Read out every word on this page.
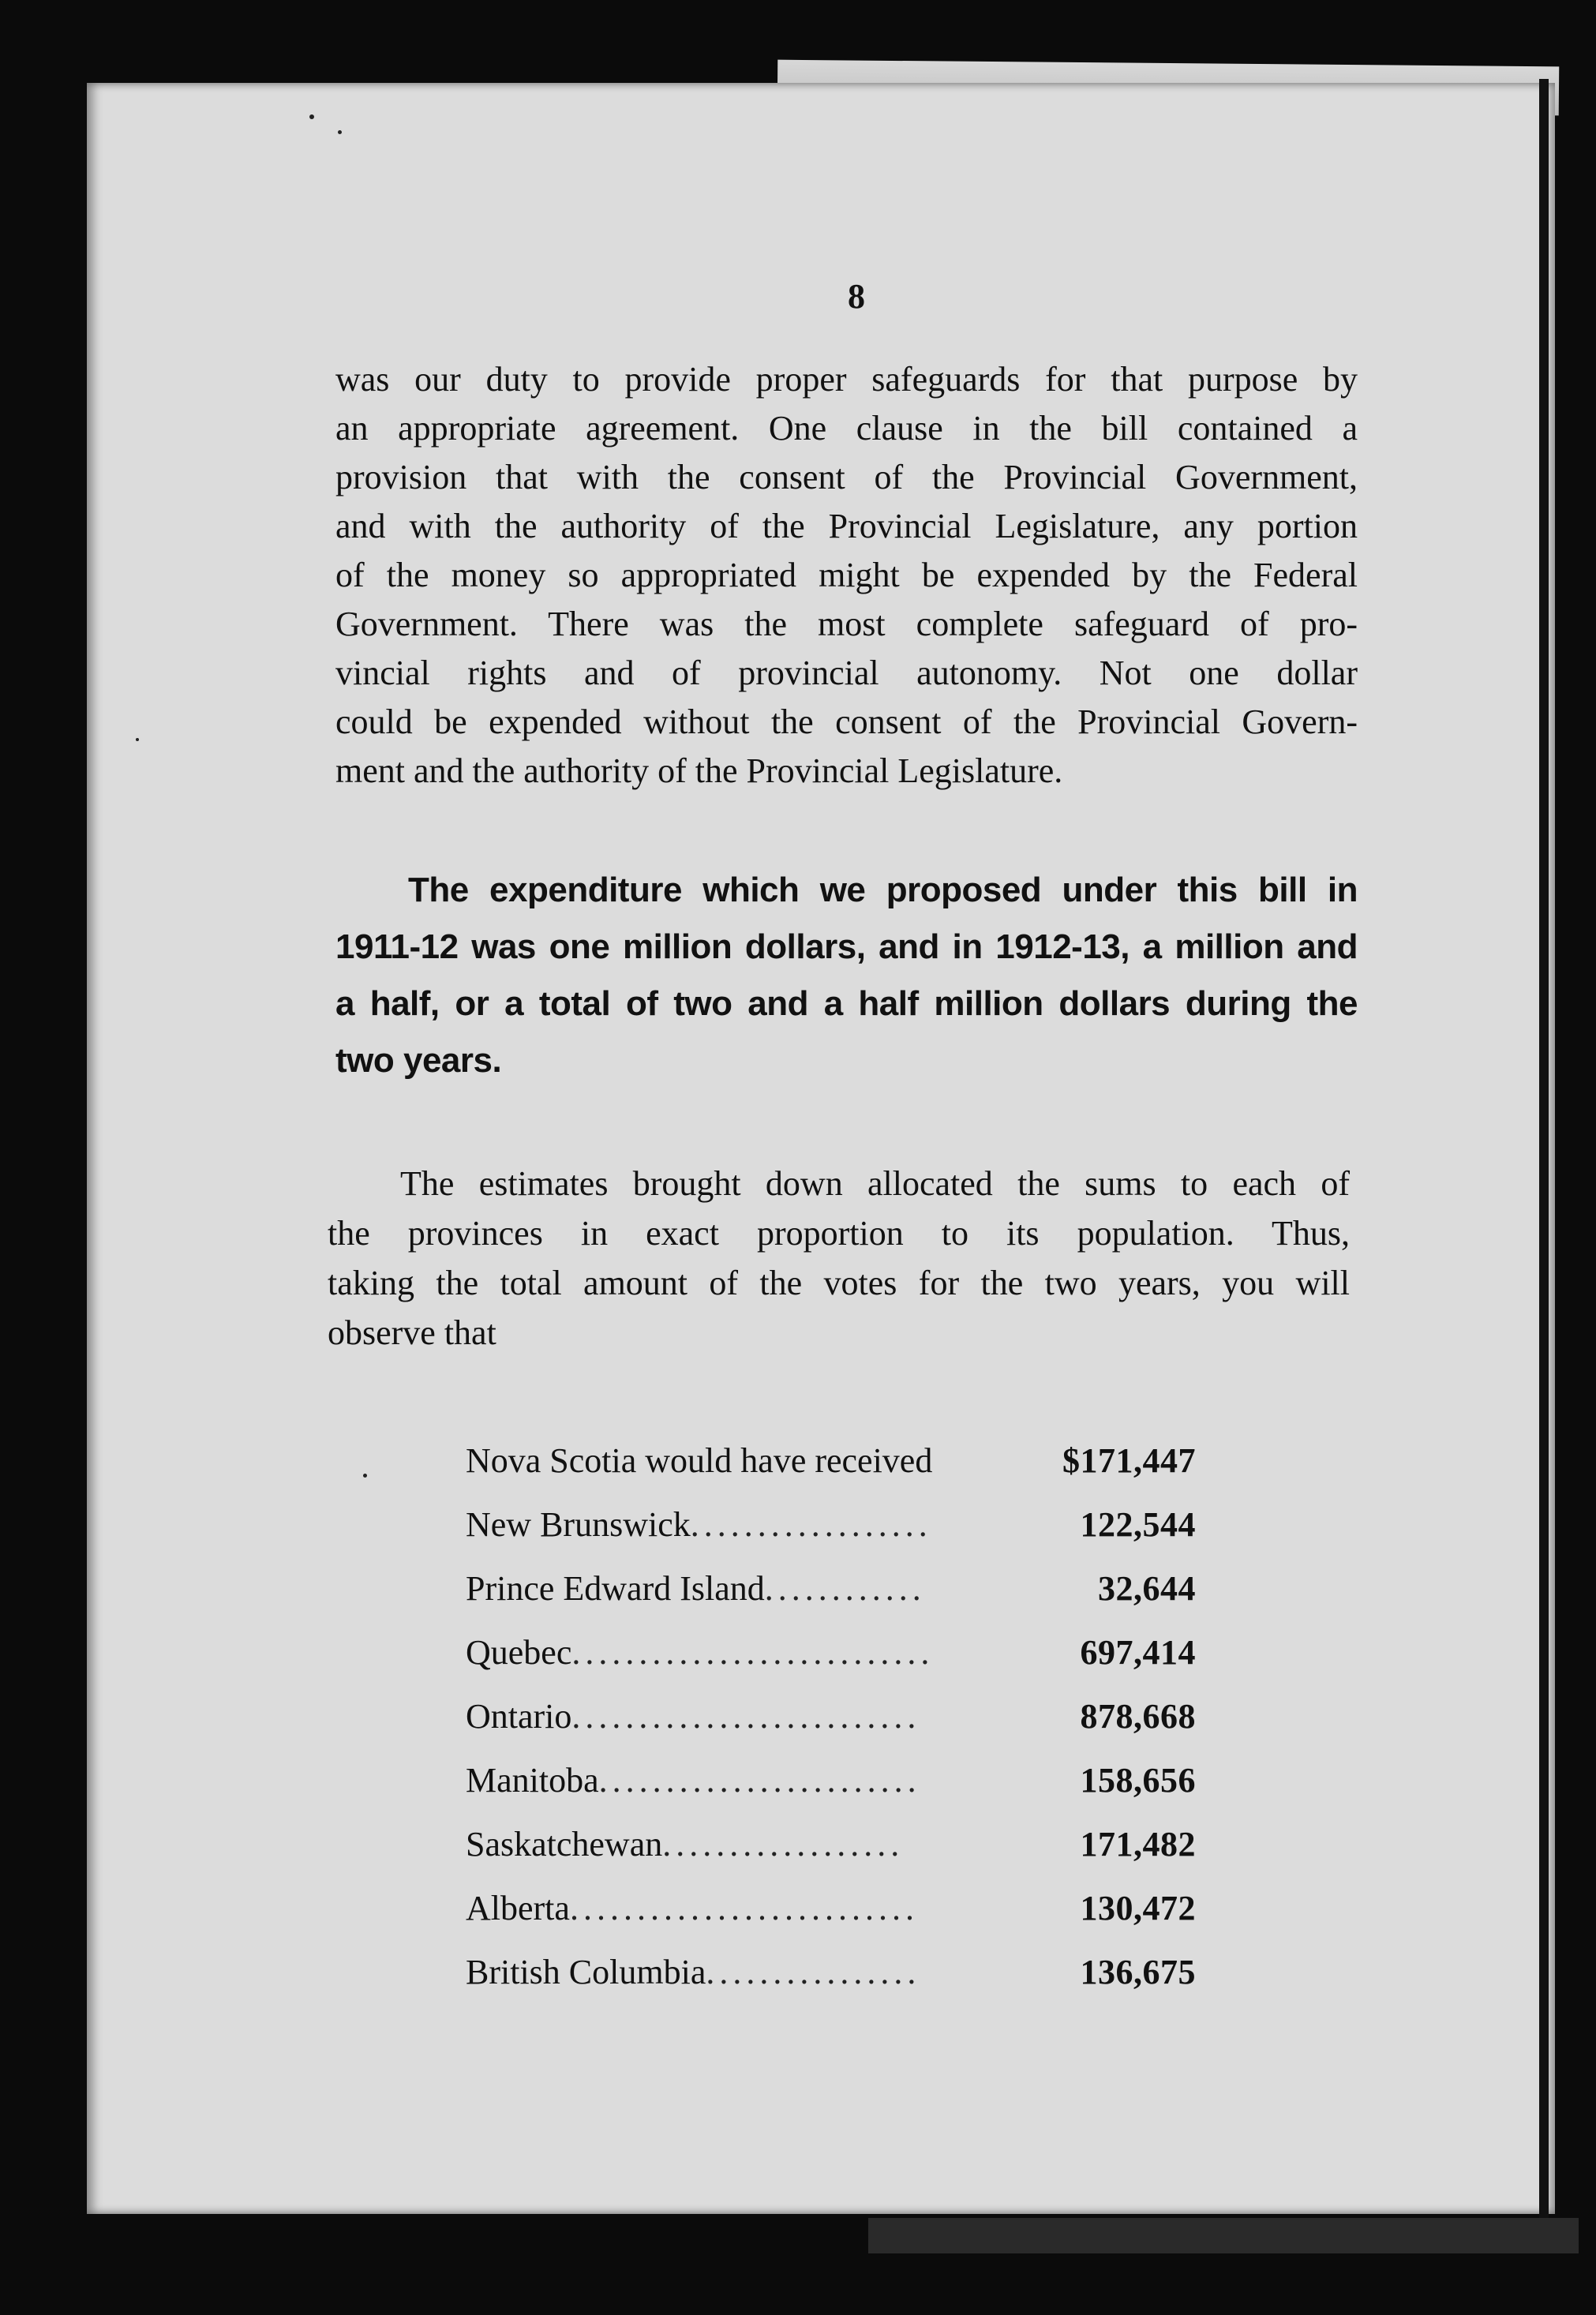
8
was our duty to provide proper safeguards for that purpose by
an appropriate agreement. One clause in the bill contained a
provision that with the consent of the Provincial Government,
and with the authority of the Provincial Legislature, any portion
of the money so appropriated might be expended by the Federal
Government. There was the most complete safeguard of pro-
vincial rights and of provincial autonomy. Not one dollar
could be expended without the consent of the Provincial Govern-
ment and the authority of the Provincial Legislature.
The expenditure which we proposed under this bill in
1911-12 was one million dollars, and in 1912-13, a million and
a half, or a total of two and a half million dollars during the
two years.
The estimates brought down allocated the sums to each of
the provinces in exact proportion to its population. Thus,
taking the total amount of the votes for the two years, you will
observe that
Nova Scotia would have received	$171,447
New Brunswick..................	122,544
Prince Edward Island............	32,644
Quebec...........................	697,414
Ontario..........................	878,668
Manitoba........................	158,656
Saskatchewan..................	171,482
Alberta..........................	130,472
British Columbia................	136,675
